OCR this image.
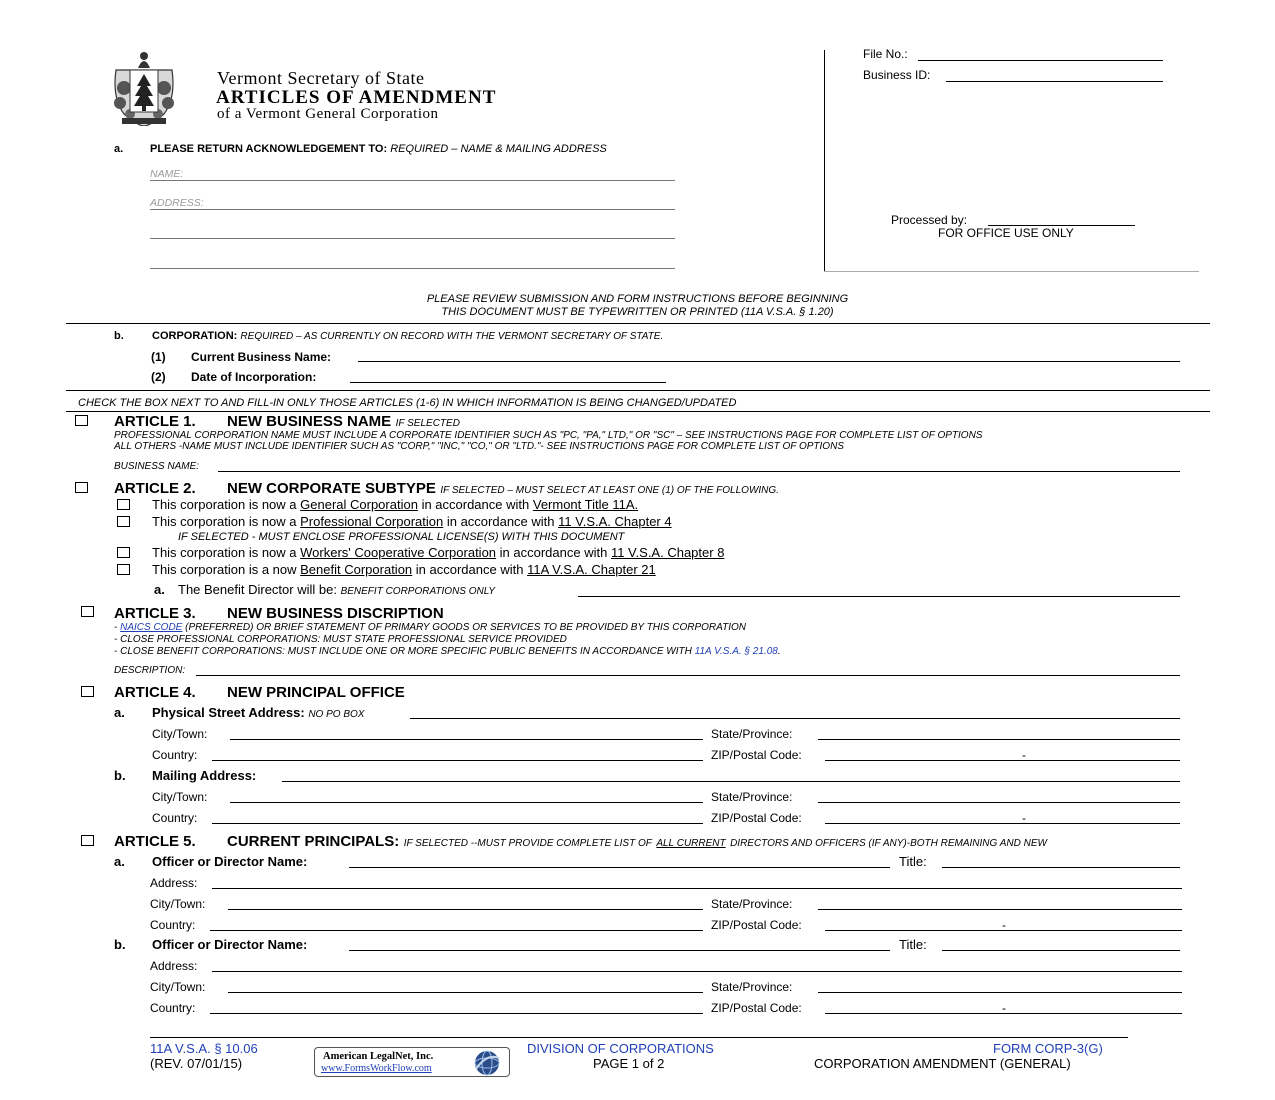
Vermont Secretary of State
ARTICLES OF AMENDMENT
of a Vermont General Corporation
File No.:
Business ID:
Processed by:
FOR OFFICE USE ONLY
a. PLEASE RETURN ACKNOWLEDGEMENT TO: REQUIRED – NAME & MAILING ADDRESS
NAME:
ADDRESS:
PLEASE REVIEW SUBMISSION AND FORM INSTRUCTIONS BEFORE BEGINNING
THIS DOCUMENT MUST BE TYPEWRITTEN OR PRINTED (11A V.S.A. § 1.20)
b.	CORPORATION: REQUIRED – AS CURRENTLY ON RECORD WITH THE VERMONT SECRETARY OF STATE.
(1) Current Business Name:
(2) Date of Incorporation:
CHECK THE BOX NEXT TO AND FILL-IN ONLY THOSE ARTICLES (1-6) IN WHICH INFORMATION IS BEING CHANGED/UPDATED
ARTICLE 1. NEW BUSINESS NAME IF SELECTED
PROFESSIONAL CORPORATION NAME MUST INCLUDE A CORPORATE IDENTIFIER SUCH AS "PC, "PA," LTD," OR "SC" – SEE INSTRUCTIONS PAGE FOR COMPLETE LIST OF OPTIONS
ALL OTHERS -NAME MUST INCLUDE IDENTIFIER SUCH AS "CORP," "INC," "CO," OR "LTD."- SEE INSTRUCTIONS PAGE FOR COMPLETE LIST OF OPTIONS
BUSINESS NAME:
ARTICLE 2. NEW CORPORATE SUBTYPE IF SELECTED – MUST SELECT AT LEAST ONE (1) OF THE FOLLOWING.
This corporation is now a General Corporation in accordance with Vermont Title 11A.
This corporation is now a Professional Corporation in accordance with 11 V.S.A. Chapter 4
IF SELECTED - MUST ENCLOSE PROFESSIONAL LICENSE(S) WITH THIS DOCUMENT
This corporation is now a Workers' Cooperative Corporation in accordance with 11 V.S.A. Chapter 8
This corporation is a now Benefit Corporation in accordance with 11A V.S.A. Chapter 21
a. The Benefit Director will be: BENEFIT CORPORATIONS ONLY
ARTICLE 3. NEW BUSINESS DISCRIPTION
- NAICS CODE (PREFERRED) OR BRIEF STATEMENT OF PRIMARY GOODS OR SERVICES TO BE PROVIDED BY THIS CORPORATION
- CLOSE PROFESSIONAL CORPORATIONS: MUST STATE PROFESSIONAL SERVICE PROVIDED
- CLOSE BENEFIT CORPORATIONS: MUST INCLUDE ONE OR MORE SPECIFIC PUBLIC BENEFITS IN ACCORDANCE WITH 11A V.S.A. § 21.08.
DESCRIPTION:
ARTICLE 4. NEW PRINCIPAL OFFICE
a. Physical Street Address: NO PO BOX
City/Town:	State/Province:
Country:	ZIP/Postal Code:	-
b. Mailing Address:
City/Town:	State/Province:
Country:	ZIP/Postal Code:	-
ARTICLE 5. CURRENT PRINCIPALS: IF SELECTED --MUST PROVIDE COMPLETE LIST OF ALL CURRENT DIRECTORS AND OFFICERS (IF ANY)-BOTH REMAINING AND NEW
a. Officer or Director Name:	Title:
Address:
City/Town:	State/Province:
Country:	ZIP/Postal Code:	-
b. Officer or Director Name:	Title:
Address:
City/Town:	State/Province:
Country:	ZIP/Postal Code:	-
11A V.S.A. § 10.06
(REV. 07/01/15)	American LegalNet, Inc.
www.FormsWorkFlow.com
DIVISION OF CORPORATIONS
PAGE 1 of 2
FORM CORP-3(G)
CORPORATION AMENDMENT (GENERAL)
